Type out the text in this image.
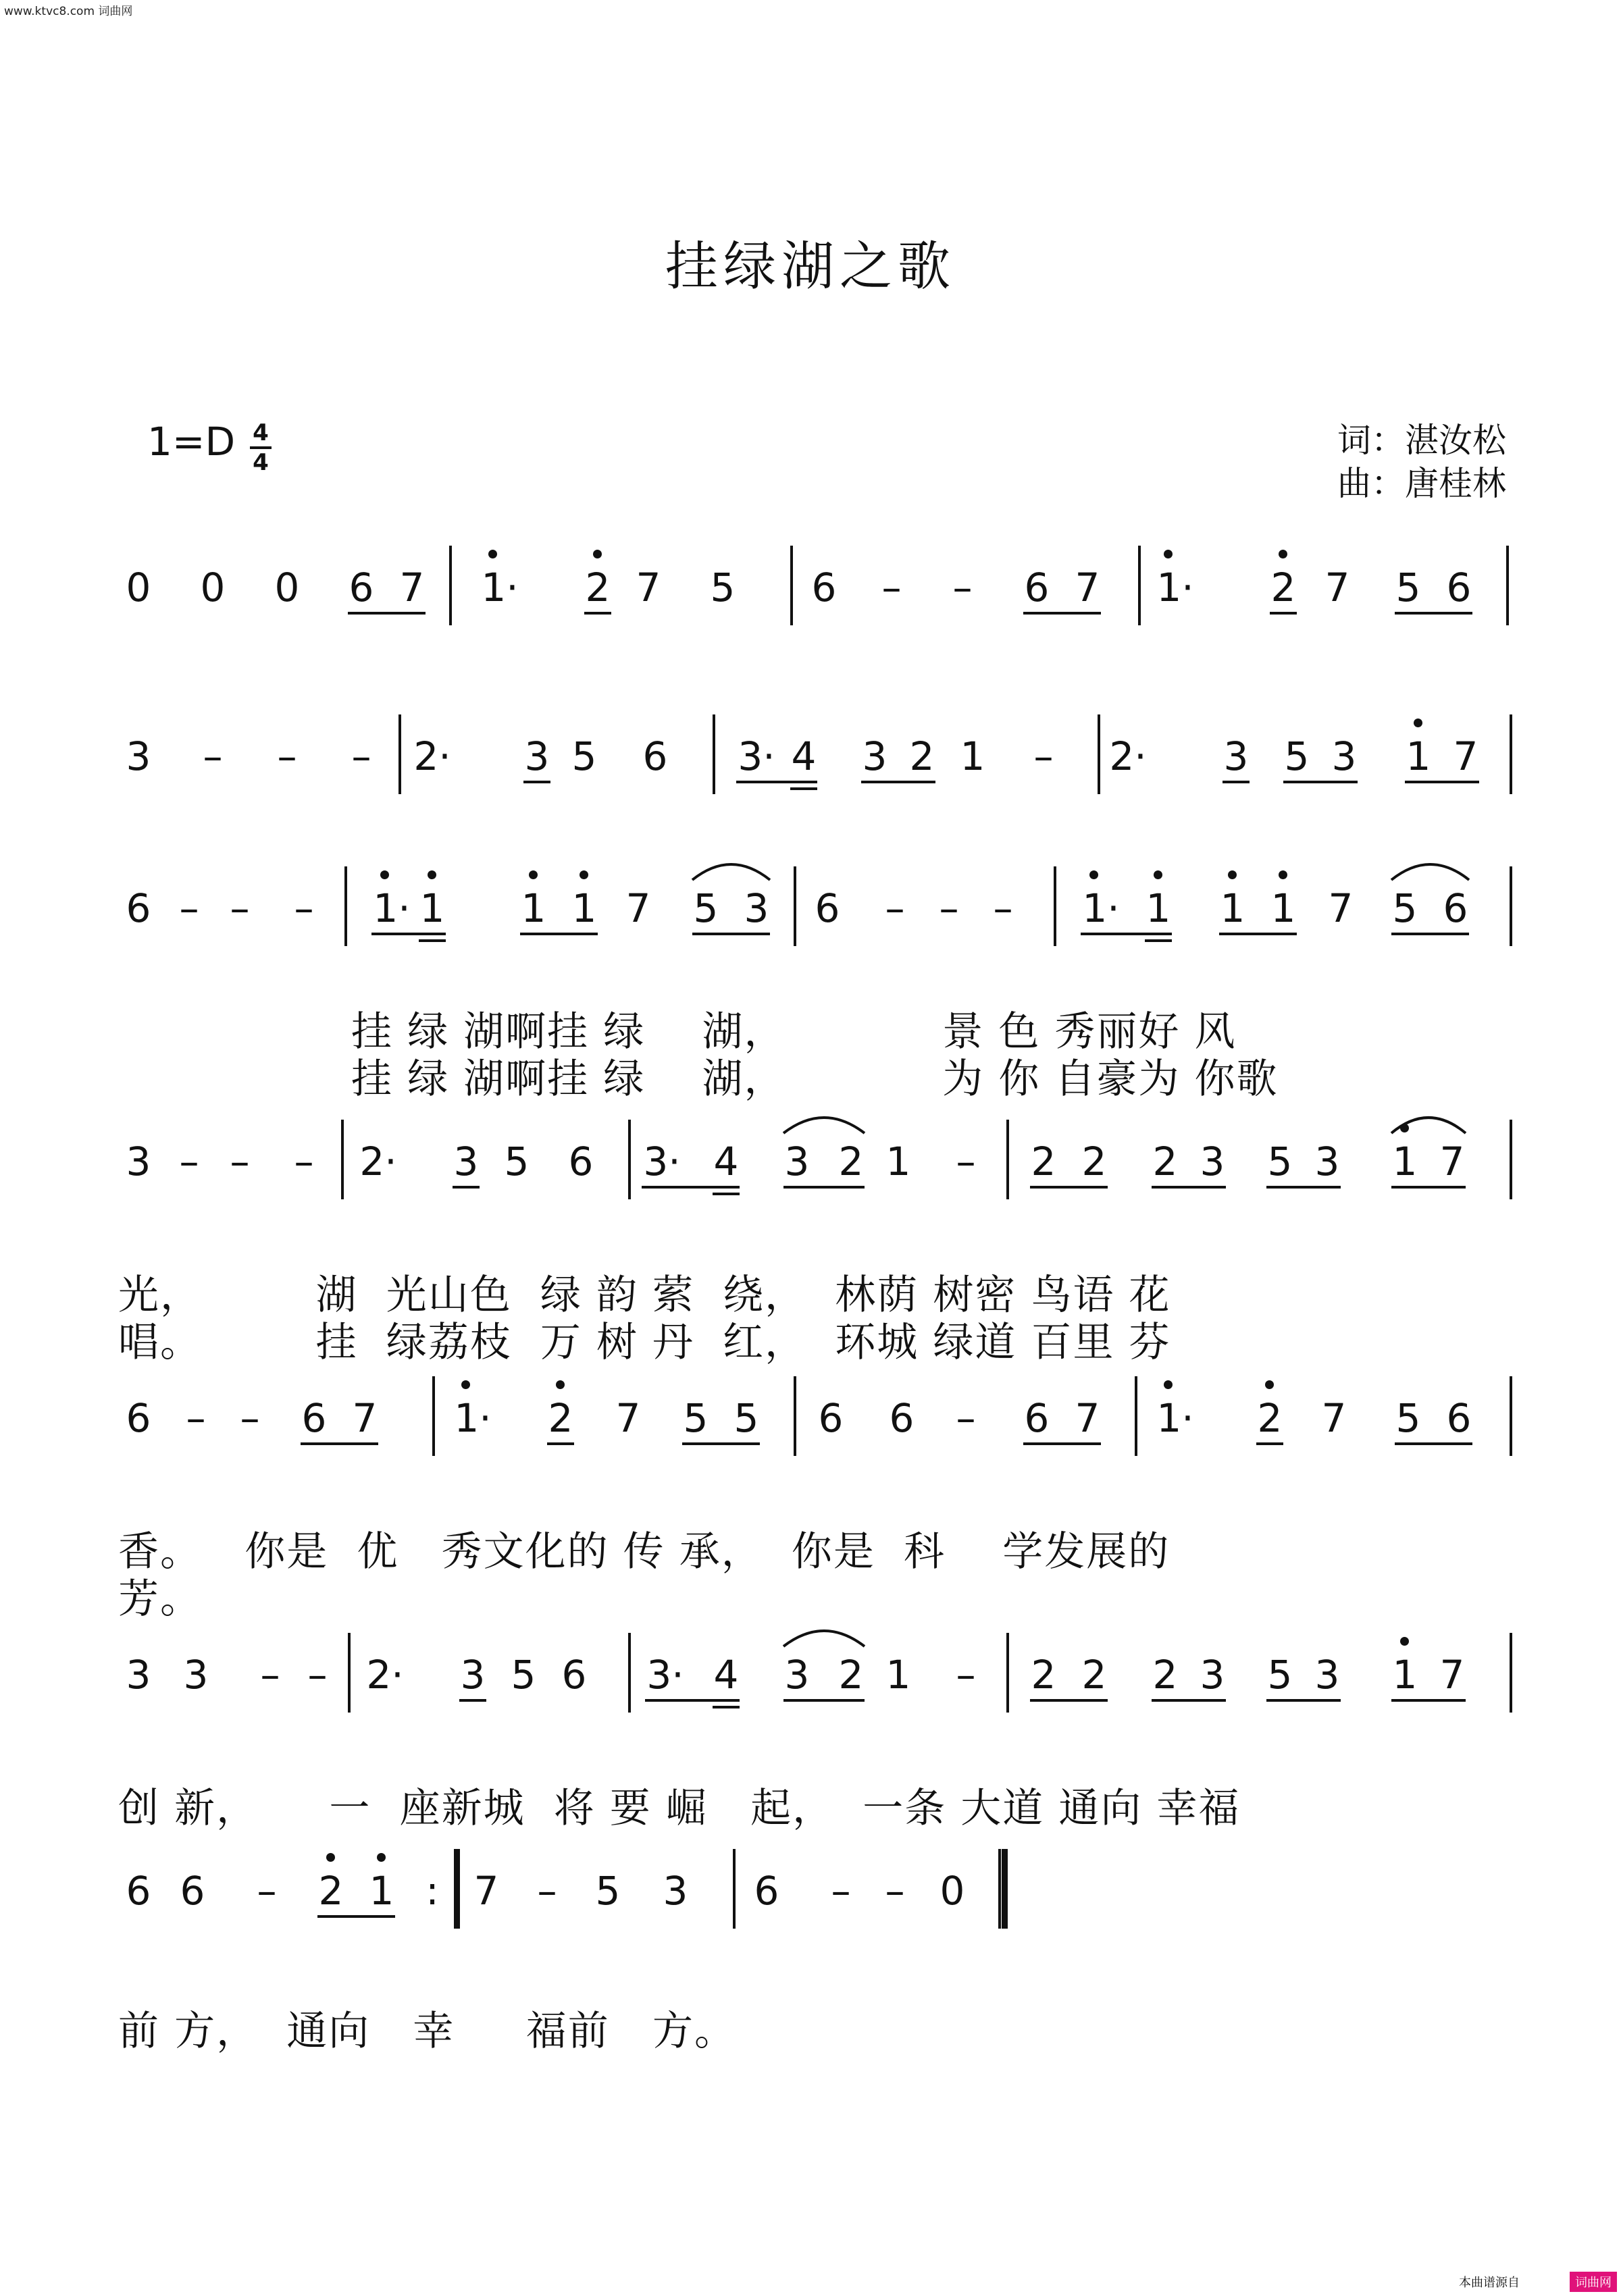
www.ktvc8.com 词曲网
挂绿湖之歌
1=D 4
4
词：湛汝松
曲：唐桂林
0 0 0 6 7 1· 2 7 5 6 – – 6 7 1· 2 7 5 6
3 – – – 2· 3 5 6 3· 4 3 2 1 – 2· 3 5 3 1 7
6 – – – 1· 1 1 1 7 5 3 6 – – – 1· 1 1 1 7 5 6
挂 绿 湖啊挂 绿    湖，           景 色 秀丽好 风
挂 绿 湖啊挂 绿    湖，           为 你 自豪为 你歌
3 – – – 2· 3 5 6 3· 4 3 2 1 – 2 2 2 3 5 3 1 7
光，        湖  光山色  绿 韵 萦  绕，  林荫 树密 鸟语 花
唱。        挂  绿荔枝  万 树 丹  红，  环城 绿道 百里 芬
6 – – 6 7 1· 2 7 5 5 6 6 – 6 7 1· 2 7 5 6
香。   你是  优   秀文化的 传 承，  你是  科    学发展的
芳。
3 3 – – 2· 3 5 6 3· 4 3 2 1 – 2 2 2 3 5 3 1 7
创 新，     一  座新城  将 要 崛   起，  一条 大道 通向 幸福
6 6 – 2 1 : 7 – 5 3 6 – – 0
前 方，  通向   幸     福前   方。
本曲谱源自	词曲网
